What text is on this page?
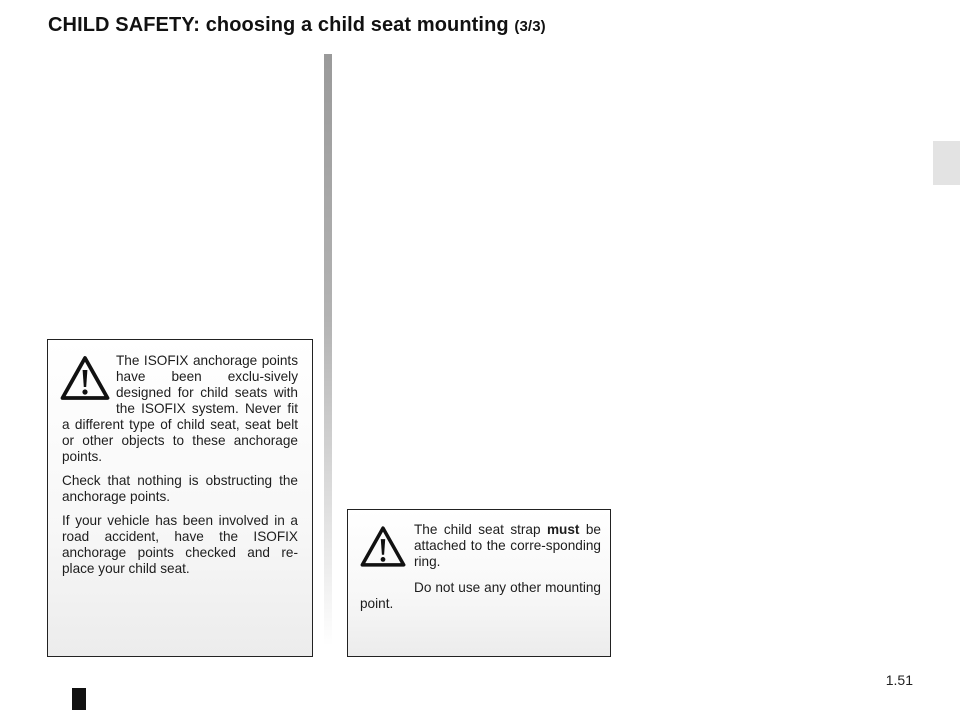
CHILD SAFETY: choosing a child seat mounting (3/3)

The ISOFIX anchorage points have been exclu-sively designed for child seats with the ISOFIX system. Never fit a different type of child seat, seat belt or other objects to these anchorage points.

Check that nothing is obstructing the anchorage points.

If your vehicle has been involved in a road accident, have the ISOFIX anchorage points checked and re-place your child seat.

The child seat strap must be attached to the corre-sponding ring.

Do not use any other mounting point.

1.51
